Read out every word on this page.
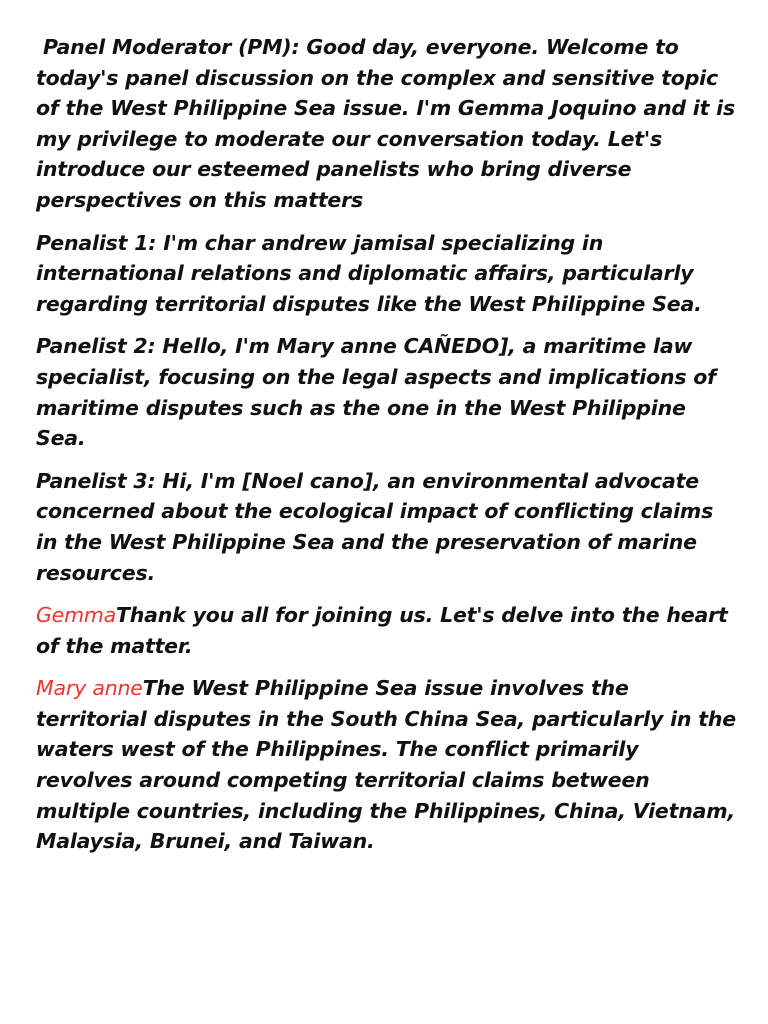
Panel Moderator (PM): Good day, everyone. Welcome to today's panel discussion on the complex and sensitive topic of the West Philippine Sea issue. I'm Gemma Joquino and it is my privilege to moderate our conversation today. Let's introduce our esteemed panelists who bring diverse perspectives on this matters

Penalist 1: I'm char andrew jamisal specializing in international relations and diplomatic affairs, particularly regarding territorial disputes like the West Philippine Sea.

Panelist 2: Hello, I'm Mary anne CAÑEDO], a maritime law specialist, focusing on the legal aspects and implications of maritime disputes such as the one in the West Philippine Sea.

Panelist 3: Hi, I'm [Noel cano], an environmental advocate concerned about the ecological impact of conflicting claims in the West Philippine Sea and the preservation of marine resources.

GemmaThank you all for joining us. Let's delve into the heart of the matter.

Mary anneThe West Philippine Sea issue involves the territorial disputes in the South China Sea, particularly in the waters west of the Philippines. The conflict primarily revolves around competing territorial claims between multiple countries, including the Philippines, China, Vietnam, Malaysia, Brunei, and Taiwan.
